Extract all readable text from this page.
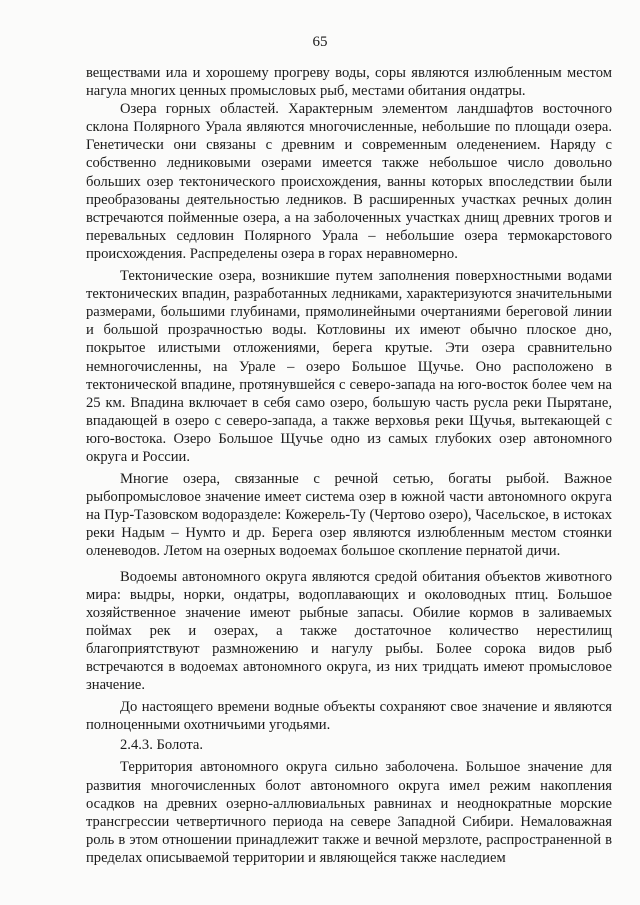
65

веществами ила и хорошему прогреву воды, соры являются излюбленным местом нагула многих ценных промысловых рыб, местами обитания ондатры.

Озера горных областей. Характерным элементом ландшафтов восточного склона Полярного Урала являются многочисленные, небольшие по площади озера. Генетически они связаны с древним и современным оледенением. Наряду с собственно ледниковыми озерами имеется также небольшое число довольно больших озер тектонического происхождения, ванны которых впоследствии были преобразованы деятельностью ледников. В расширенных участках речных долин встречаются пойменные озера, а на заболоченных участках днищ древних трогов и перевальных седловин Полярного Урала – небольшие озера термокарстового происхождения. Распределены озера в горах неравномерно.

Тектонические озера, возникшие путем заполнения поверхностными водами тектонических впадин, разработанных ледниками, характеризуются значительными размерами, большими глубинами, прямолинейными очертаниями береговой линии и большой прозрачностью воды. Котловины их имеют обычно плоское дно, покрытое илистыми отложениями, берега крутые. Эти озера сравнительно немногочисленны, на Урале – озеро Большое Щучье. Оно расположено в тектонической впадине, протянувшейся с северо-запада на юго-восток более чем на 25 км. Впадина включает в себя само озеро, большую часть русла реки Пырятане, впадающей в озеро с северо-запада, а также верховья реки Щучья, вытекающей с юго-востока. Озеро Большое Щучье одно из самых глубоких озер автономного округа и России.

Многие озера, связанные с речной сетью, богаты рыбой. Важное рыбопромысловое значение имеет система озер в южной части автономного округа на Пур-Тазовском водоразделе: Кожерель-Ту (Чертово озеро), Часельское, в истоках реки Надым – Нумто и др. Берега озер являются излюбленным местом стоянки оленеводов. Летом на озерных водоемах большое скопление пернатой дичи.

Водоемы автономного округа являются средой обитания объектов животного мира: выдры, норки, ондатры, водоплавающих и околоводных птиц. Большое хозяйственное значение имеют рыбные запасы. Обилие кормов в заливаемых поймах рек и озерах, а также достаточное количество нерестилищ благоприятствуют размножению и нагулу рыбы. Более сорока видов рыб встречаются в водоемах автономного округа, из них тридцать имеют промысловое значение.

До настоящего времени водные объекты сохраняют свое значение и являются полноценными охотничьими угодьями.

2.4.3. Болота.

Территория автономного округа сильно заболочена. Большое значение для развития многочисленных болот автономного округа имел режим накопления осадков на древних озерно-аллювиальных равнинах и неоднократные морские трансгрессии четвертичного периода на севере Западной Сибири. Немаловажная роль в этом отношении принадлежит также и вечной мерзлоте, распространенной в пределах описываемой территории и являющейся также наследием
